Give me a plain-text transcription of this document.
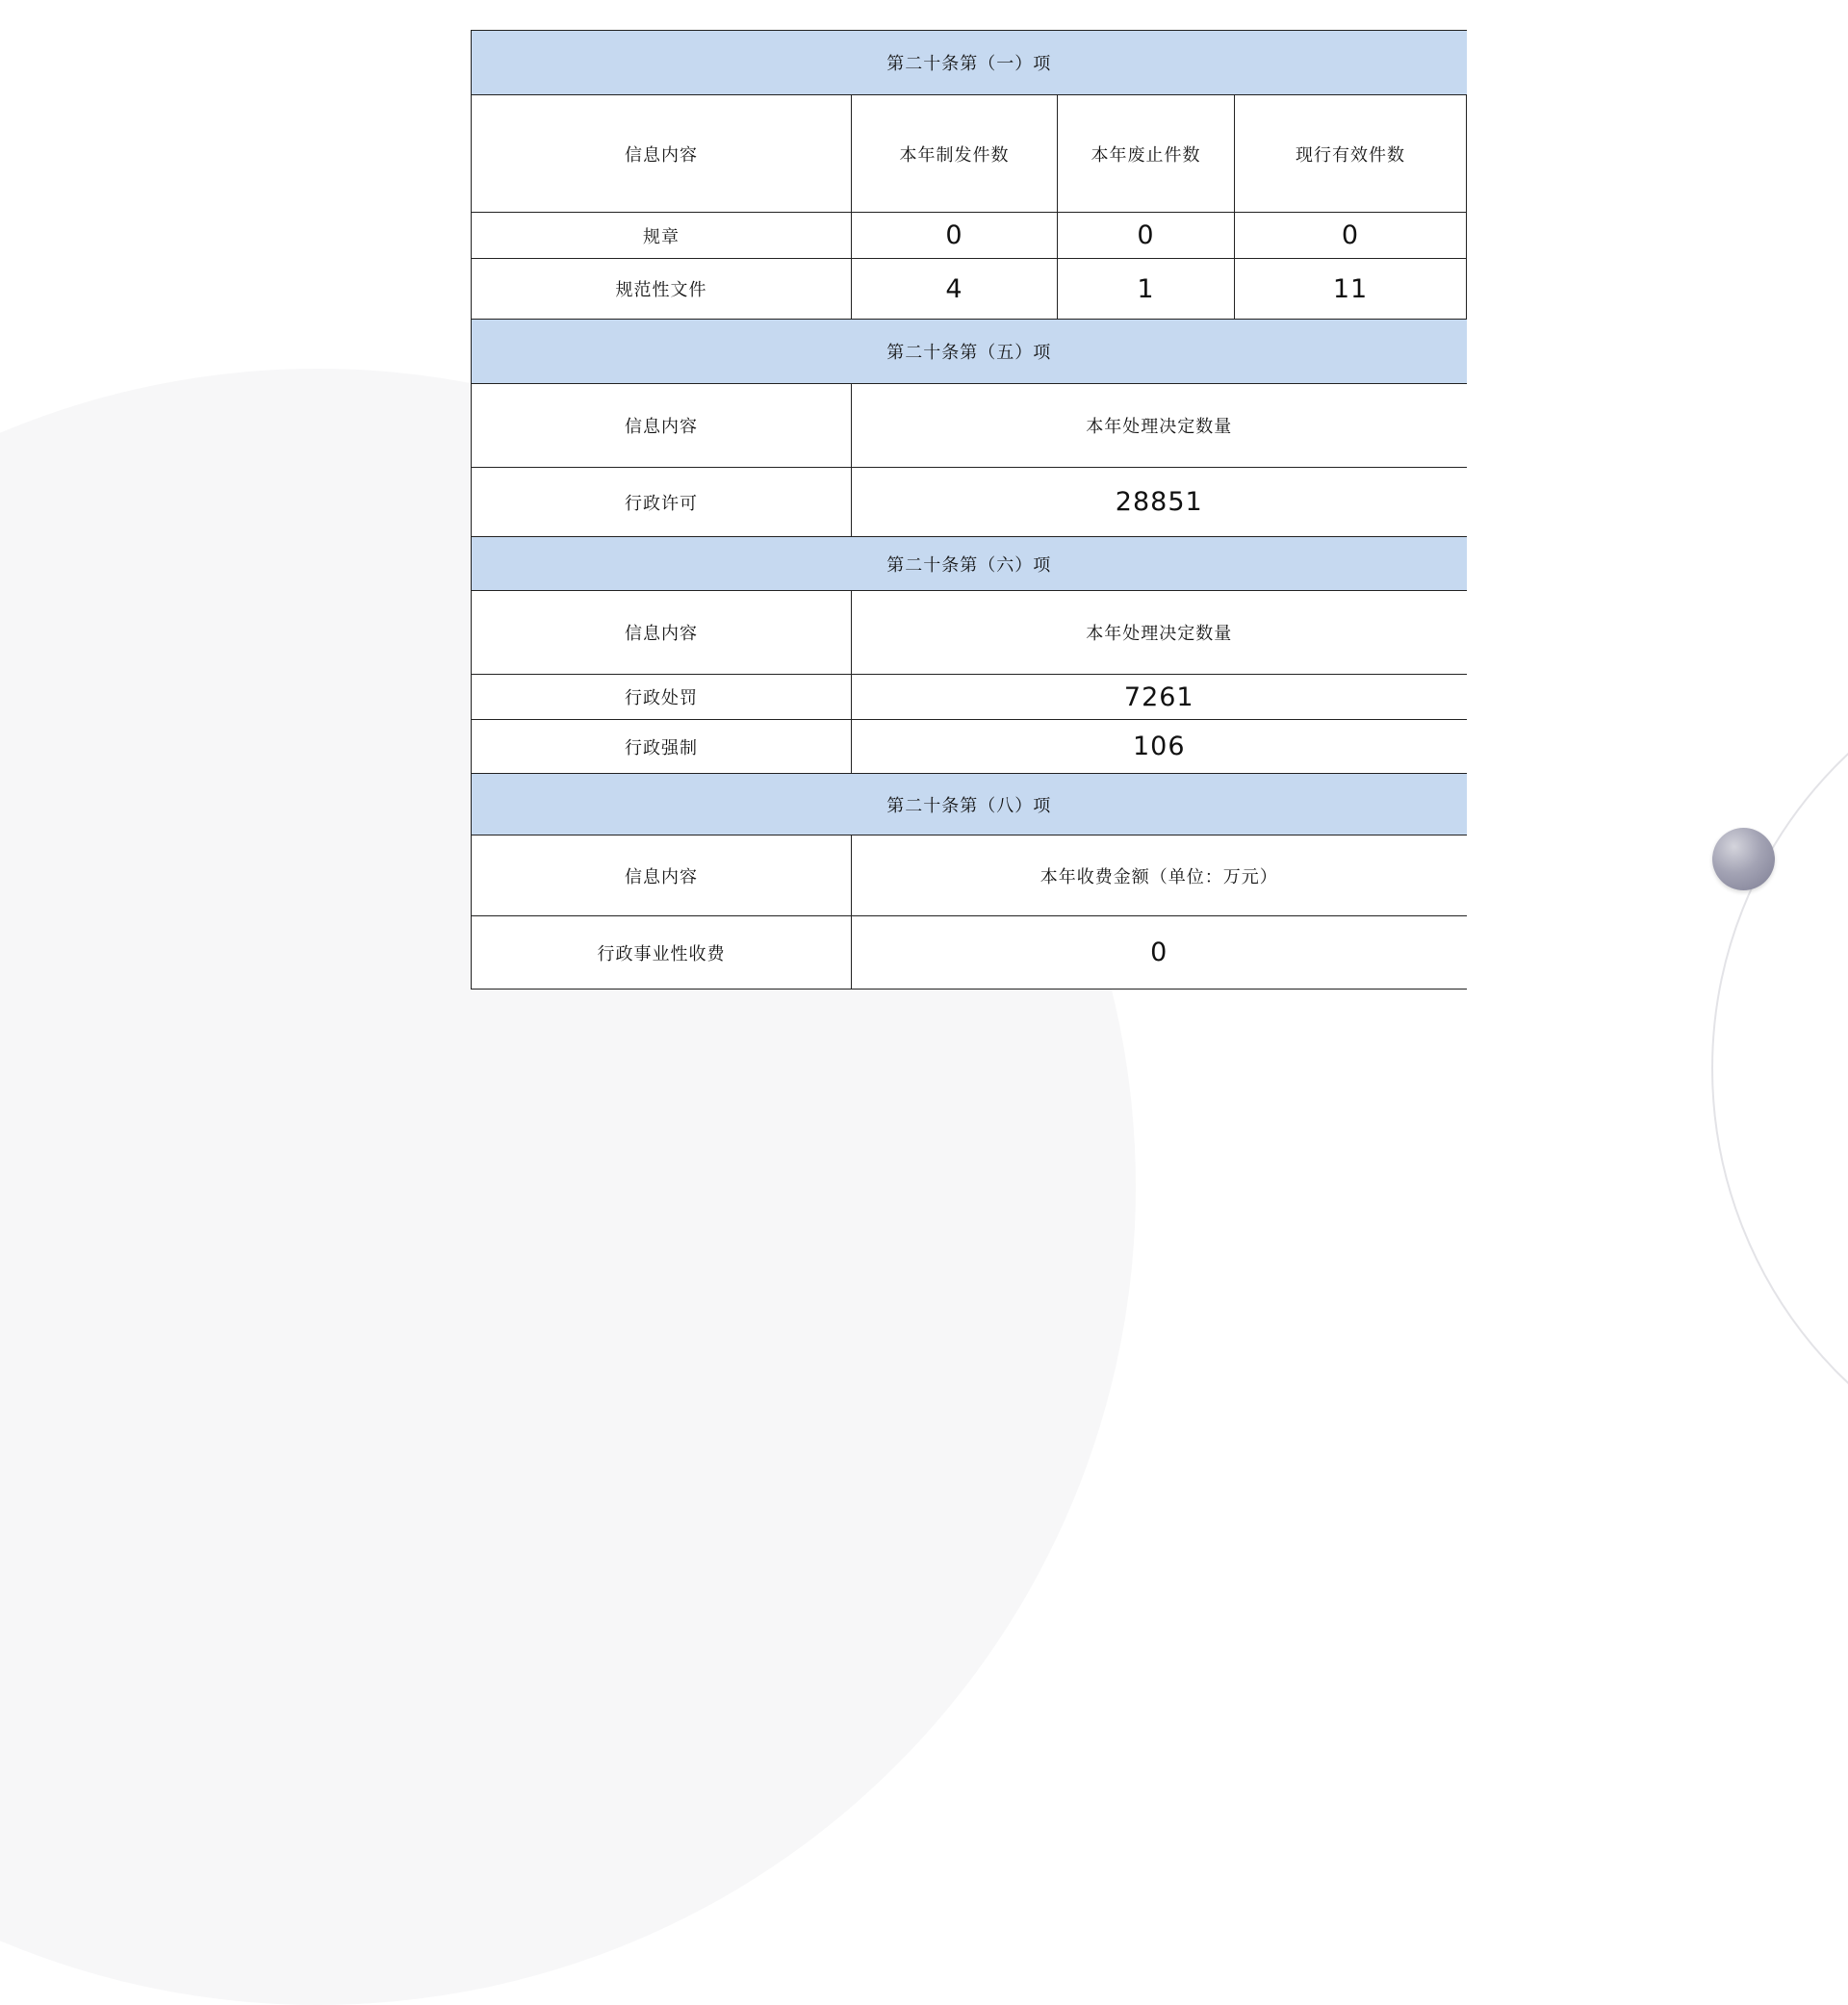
第二十条第（一）项			
信息内容	本年制发件数	本年废止件数	现行有效件数
规章	0	0	0
规范性文件	4	1	11
第二十条第（五）项			
信息内容	本年处理决定数量		
行政许可	28851		
第二十条第（六）项			
信息内容	本年处理决定数量		
行政处罚	7261		
行政强制	106		
第二十条第（八）项			
信息内容	本年收费金额（单位：万元）		
行政事业性收费	0		
